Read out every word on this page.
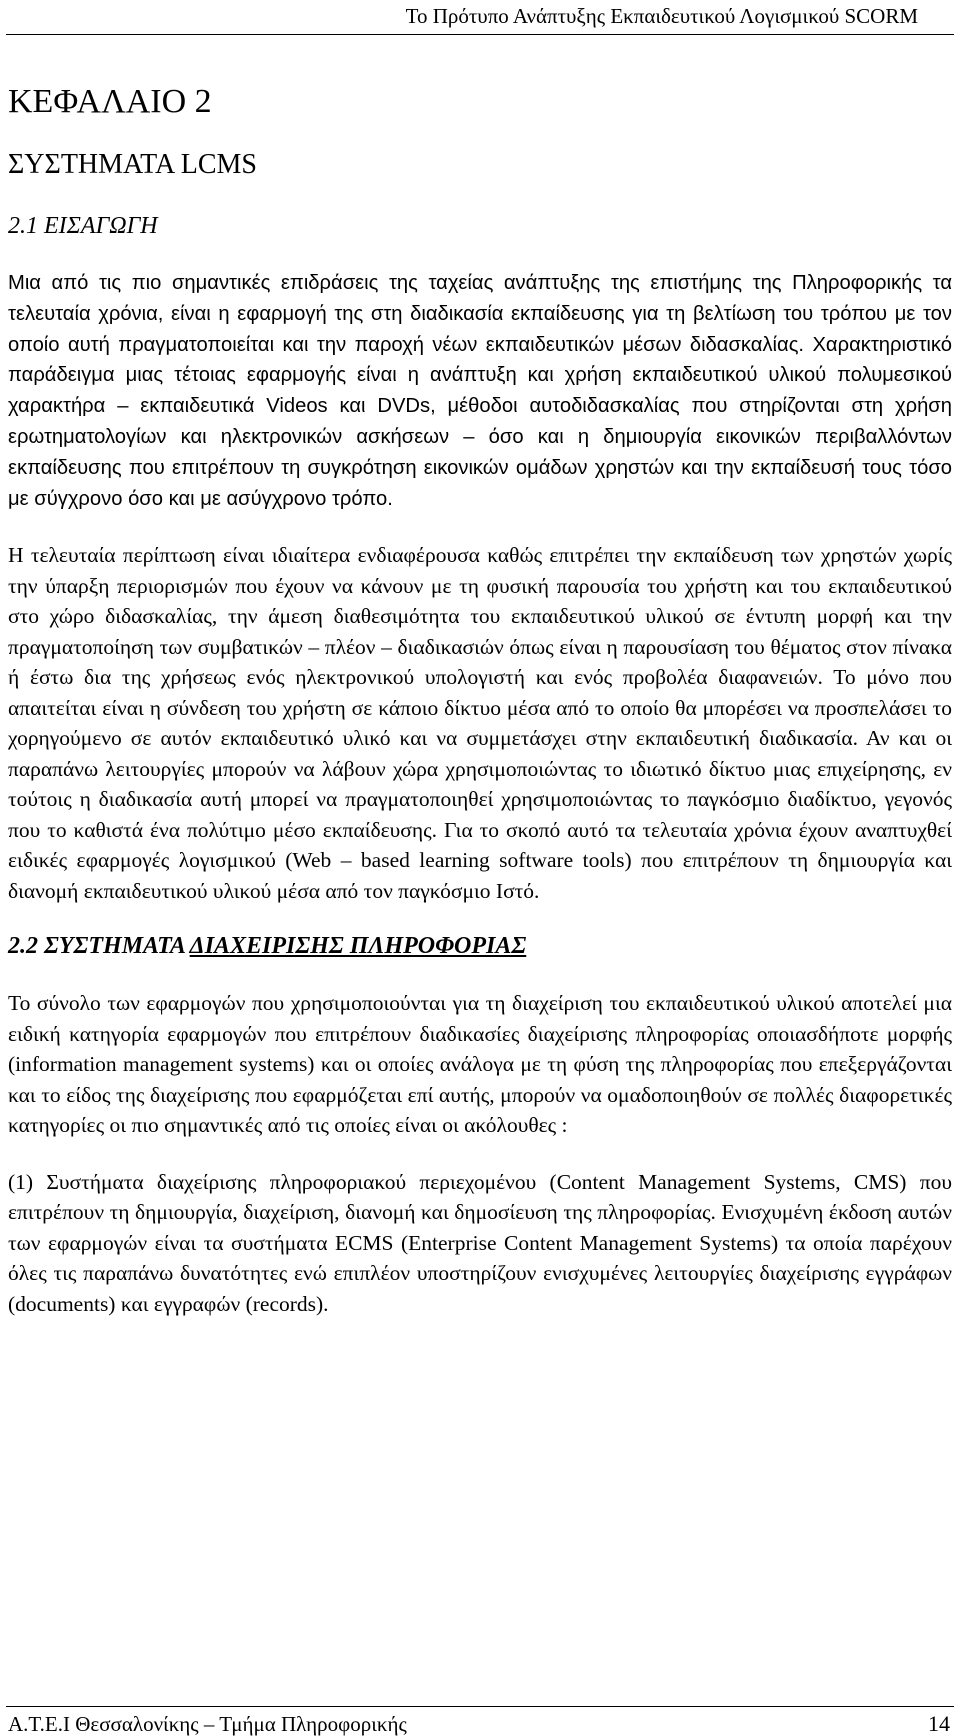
Το Πρότυπο Ανάπτυξης Εκπαιδευτικού Λογισμικού SCORM
ΚΕΦΑΛΑΙΟ 2
ΣΥΣΤΗΜΑΤΑ LCMS
2.1 ΕΙΣΑΓΩΓΗ

Μια από τις πιο σημαντικές επιδράσεις της ταχείας ανάπτυξης της επιστήμης της Πληροφορικής τα τελευταία χρόνια, είναι η εφαρμογή της στη διαδικασία εκπαίδευσης για τη βελτίωση του τρόπου με τον οποίο αυτή πραγματοποιείται και την παροχή νέων εκπαιδευτικών μέσων διδασκαλίας. Χαρακτηριστικό παράδειγμα μιας τέτοιας εφαρμογής είναι η ανάπτυξη και χρήση εκπαιδευτικού υλικού πολυμεσικού χαρακτήρα – εκπαιδευτικά Videos και DVDs, μέθοδοι αυτοδιδασκαλίας που στηρίζονται στη χρήση ερωτηματολογίων και ηλεκτρονικών ασκήσεων – όσο και η δημιουργία εικονικών περιβαλλόντων εκπαίδευσης που επιτρέπουν τη συγκρότηση εικονικών ομάδων χρηστών και την εκπαίδευσή τους τόσο με σύγχρονο όσο και με ασύγχρονο τρόπο.

Η τελευταία περίπτωση είναι ιδιαίτερα ενδιαφέρουσα καθώς επιτρέπει την εκπαίδευση των χρηστών χωρίς την ύπαρξη περιορισμών που έχουν να κάνουν με τη φυσική παρουσία του χρήστη και του εκπαιδευτικού στο χώρο διδασκαλίας, την άμεση διαθεσιμότητα του εκπαιδευτικού υλικού σε έντυπη μορφή και την πραγματοποίηση των συμβατικών – πλέον – διαδικασιών όπως είναι η παρουσίαση του θέματος στον πίνακα ή έστω δια της χρήσεως ενός ηλεκτρονικού υπολογιστή και ενός προβολέα διαφανειών. Το μόνο που απαιτείται είναι η σύνδεση του χρήστη σε κάποιο δίκτυο μέσα από το οποίο θα μπορέσει να προσπελάσει το χορηγούμενο σε αυτόν εκπαιδευτικό υλικό και να συμμετάσχει στην εκπαιδευτική διαδικασία. Αν και οι παραπάνω λειτουργίες μπορούν να λάβουν χώρα χρησιμοποιώντας το ιδιωτικό δίκτυο μιας επιχείρησης, εν τούτοις η διαδικασία αυτή μπορεί να πραγματοποιηθεί χρησιμοποιώντας το παγκόσμιο διαδίκτυο, γεγονός που το καθιστά ένα πολύτιμο μέσο εκπαίδευσης. Για το σκοπό αυτό τα τελευταία χρόνια έχουν αναπτυχθεί ειδικές εφαρμογές λογισμικού (Web – based learning software tools) που επιτρέπουν τη δημιουργία και διανομή εκπαιδευτικού υλικού μέσα από τον παγκόσμιο Ιστό.

2.2 ΣΥΣΤΗΜΑΤΑ ΔΙΑΧΕΙΡΙΣΗΣ ΠΛΗΡΟΦΟΡΙΑΣ

Το σύνολο των εφαρμογών που χρησιμοποιούνται για τη διαχείριση του εκπαιδευτικού υλικού αποτελεί μια ειδική κατηγορία εφαρμογών που επιτρέπουν διαδικασίες διαχείρισης πληροφορίας οποιασδήποτε μορφής (information management systems) και οι οποίες ανάλογα με τη φύση της πληροφορίας που επεξεργάζονται και το είδος της διαχείρισης που εφαρμόζεται επί αυτής, μπορούν να ομαδοποιηθούν σε πολλές διαφορετικές κατηγορίες οι πιο σημαντικές από τις οποίες είναι οι ακόλουθες :

(1) Συστήματα διαχείρισης πληροφοριακού περιεχομένου (Content Management Systems, CMS) που επιτρέπουν τη δημιουργία, διαχείριση, διανομή και δημοσίευση της πληροφορίας. Ενισχυμένη έκδοση αυτών των εφαρμογών είναι τα συστήματα ECMS (Enterprise Content Management Systems) τα οποία παρέχουν όλες τις παραπάνω δυνατότητες ενώ επιπλέον υποστηρίζουν ενισχυμένες λειτουργίες διαχείρισης εγγράφων (documents) και εγγραφών (records).

Α.Τ.Ε.Ι Θεσσαλονίκης – Τμήμα Πληροφορικής	14
